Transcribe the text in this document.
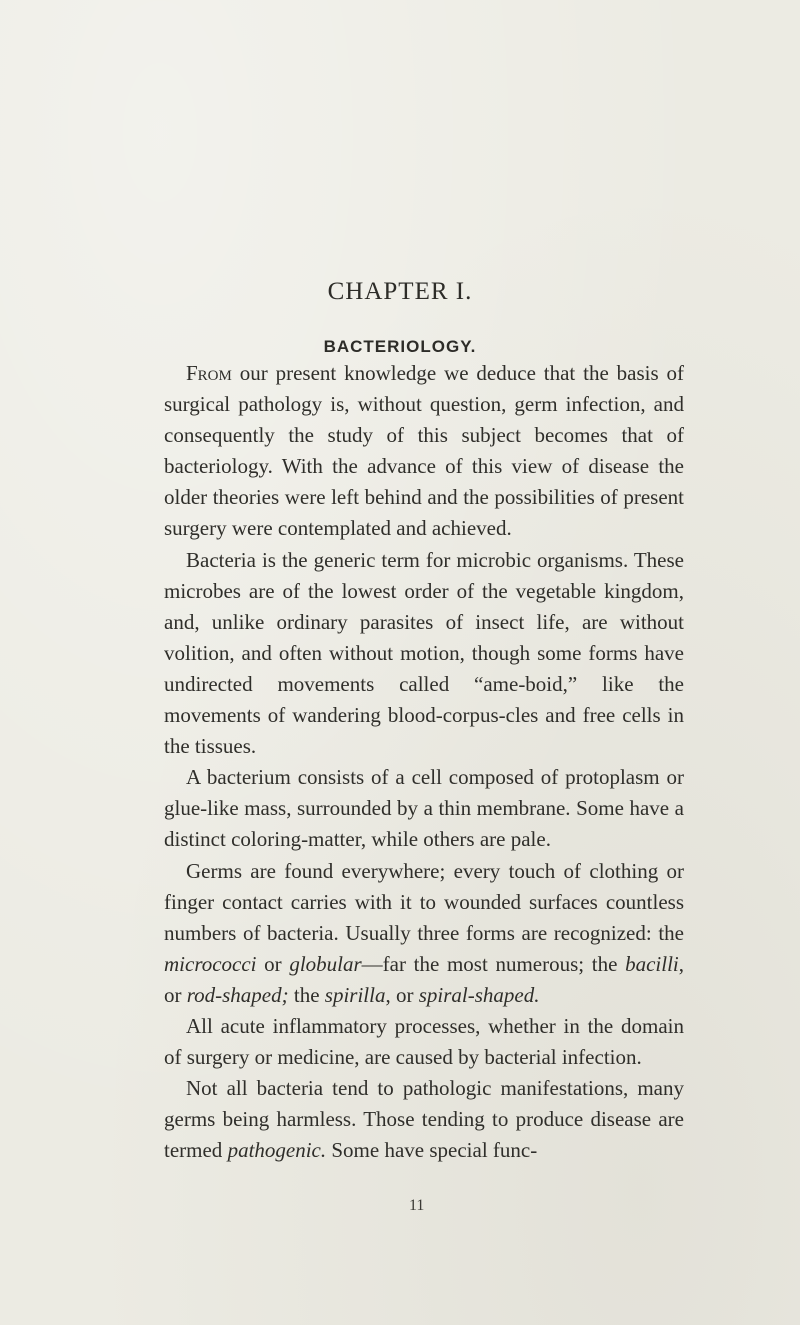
CHAPTER I.
BACTERIOLOGY.

From our present knowledge we deduce that the basis of surgical pathology is, without question, germ infection, and consequently the study of this subject becomes that of bacteriology. With the advance of this view of disease the older theories were left behind and the possibilities of present surgery were contemplated and achieved.

Bacteria is the generic term for microbic organisms. These microbes are of the lowest order of the vegetable kingdom, and, unlike ordinary parasites of insect life, are without volition, and often without motion, though some forms have undirected movements called “ame-boid,” like the movements of wandering blood-corpus-cles and free cells in the tissues.

A bacterium consists of a cell composed of protoplasm or glue-like mass, surrounded by a thin membrane. Some have a distinct coloring-matter, while others are pale.

Germs are found everywhere; every touch of clothing or finger contact carries with it to wounded surfaces countless numbers of bacteria. Usually three forms are recognized: the micrococci or globular—far the most numerous; the bacilli, or rod-shaped; the spirilla, or spiral-shaped.

All acute inflammatory processes, whether in the domain of surgery or medicine, are caused by bacterial infection.

Not all bacteria tend to pathologic manifestations, many germs being harmless. Those tending to produce disease are termed pathogenic. Some have special func-

11
